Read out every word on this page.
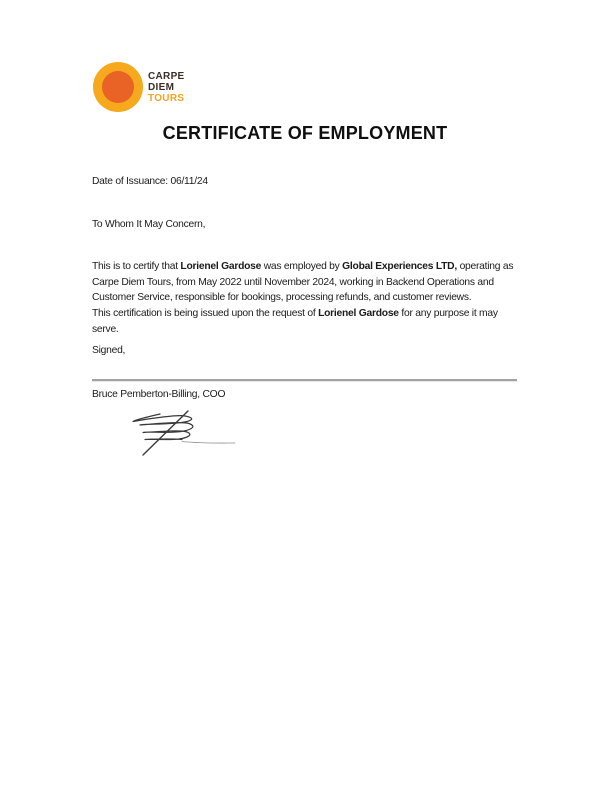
CARPE
DIEM
TOURS
CERTIFICATE OF EMPLOYMENT
Date of Issuance: 06/11/24
To Whom It May Concern,
This is to certify that Lorienel Gardose was employed by Global Experiences LTD, operating as Carpe Diem Tours, from May 2022 until November 2024, working in Backend Operations and Customer Service, responsible for bookings, processing refunds, and customer reviews.
This certification is being issued upon the request of Lorienel Gardose for any purpose it may serve.
Signed,
Bruce Pemberton-Billing, COO
